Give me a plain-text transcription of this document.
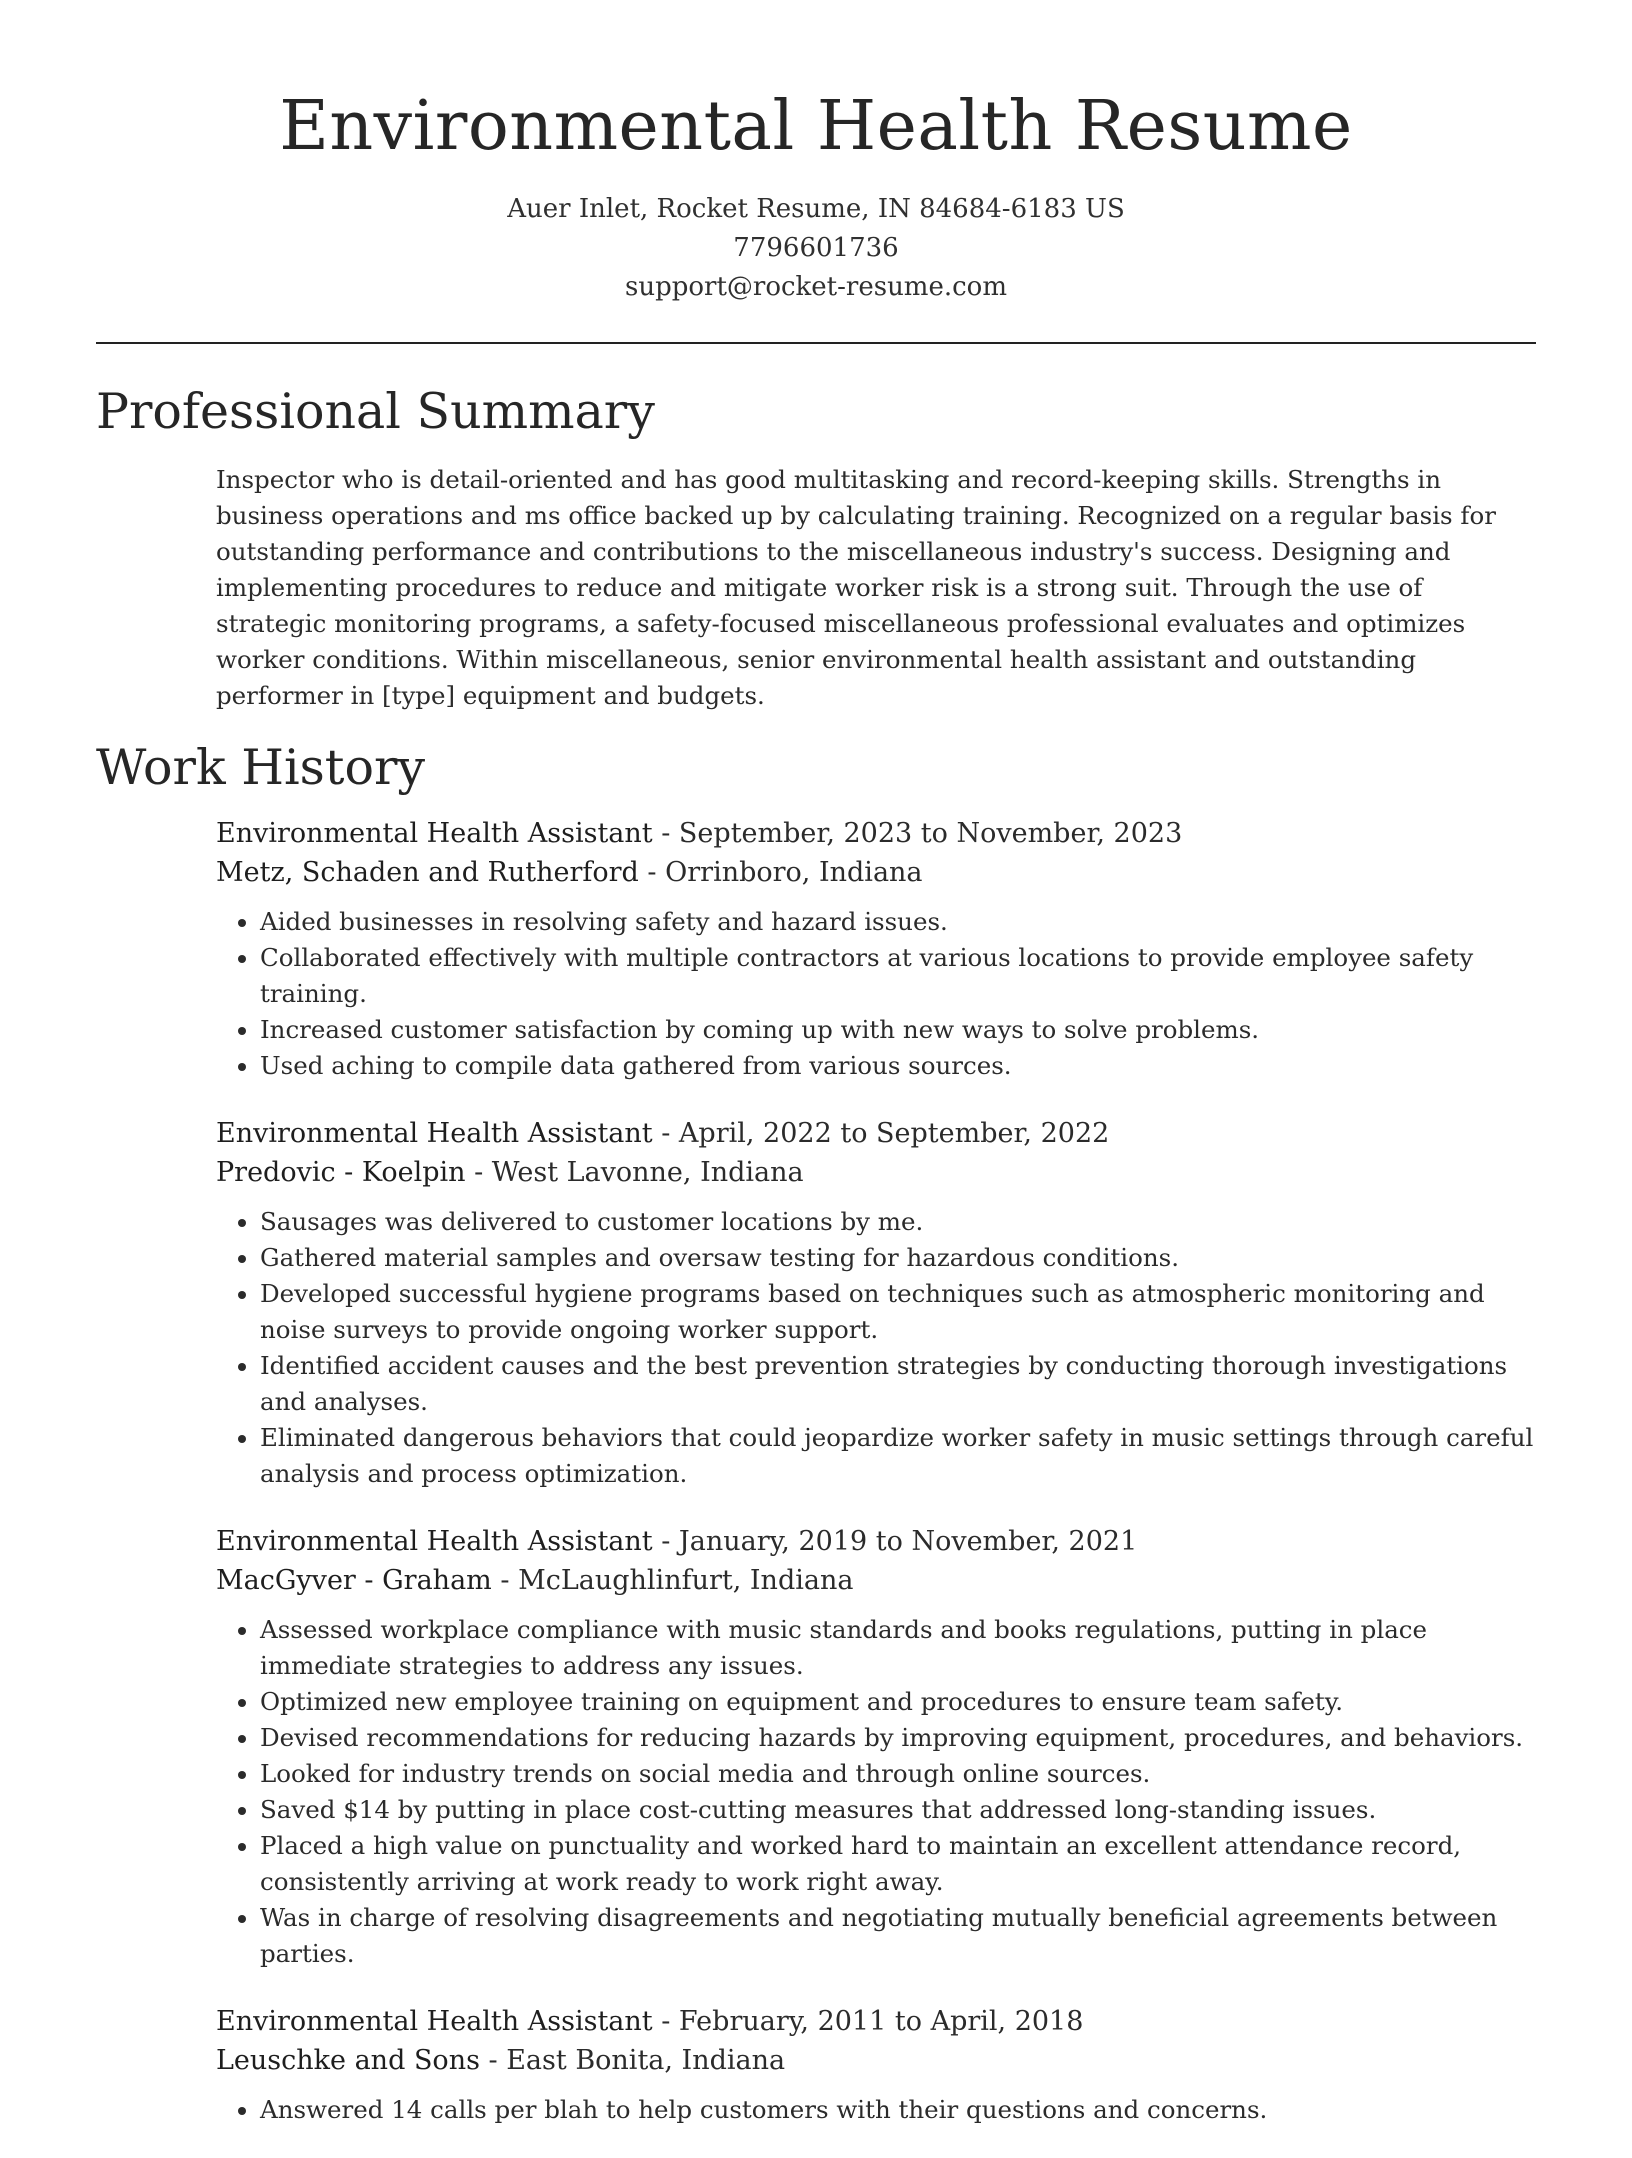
Environmental Health Resume
Auer Inlet, Rocket Resume, IN 84684-6183 US
7796601736
support@rocket-resume.com
Professional Summary

Inspector who is detail-oriented and has good multitasking and record-keeping skills. Strengths in business operations and ms office backed up by calculating training. Recognized on a regular basis for outstanding performance and contributions to the miscellaneous industry's success. Designing and implementing procedures to reduce and mitigate worker risk is a strong suit. Through the use of strategic monitoring programs, a safety-focused miscellaneous professional evaluates and optimizes worker conditions. Within miscellaneous, senior environmental health assistant and outstanding performer in [type] equipment and budgets.

Work History
Environmental Health Assistant - September, 2023 to November, 2023
Metz, Schaden and Rutherford - Orrinboro, Indiana
• Aided businesses in resolving safety and hazard issues.
• Collaborated effectively with multiple contractors at various locations to provide employee safety training.
• Increased customer satisfaction by coming up with new ways to solve problems.
• Used aching to compile data gathered from various sources.
Environmental Health Assistant - April, 2022 to September, 2022
Predovic - Koelpin - West Lavonne, Indiana
• Sausages was delivered to customer locations by me.
• Gathered material samples and oversaw testing for hazardous conditions.
• Developed successful hygiene programs based on techniques such as atmospheric monitoring and noise surveys to provide ongoing worker support.
• Identified accident causes and the best prevention strategies by conducting thorough investigations and analyses.
• Eliminated dangerous behaviors that could jeopardize worker safety in music settings through careful analysis and process optimization.
Environmental Health Assistant - January, 2019 to November, 2021
MacGyver - Graham - McLaughlinfurt, Indiana
• Assessed workplace compliance with music standards and books regulations, putting in place immediate strategies to address any issues.
• Optimized new employee training on equipment and procedures to ensure team safety.
• Devised recommendations for reducing hazards by improving equipment, procedures, and behaviors.
• Looked for industry trends on social media and through online sources.
• Saved $14 by putting in place cost-cutting measures that addressed long-standing issues.
• Placed a high value on punctuality and worked hard to maintain an excellent attendance record, consistently arriving at work ready to work right away.
• Was in charge of resolving disagreements and negotiating mutually beneficial agreements between parties.
Environmental Health Assistant - February, 2011 to April, 2018
Leuschke and Sons - East Bonita, Indiana
• Answered 14 calls per blah to help customers with their questions and concerns.
